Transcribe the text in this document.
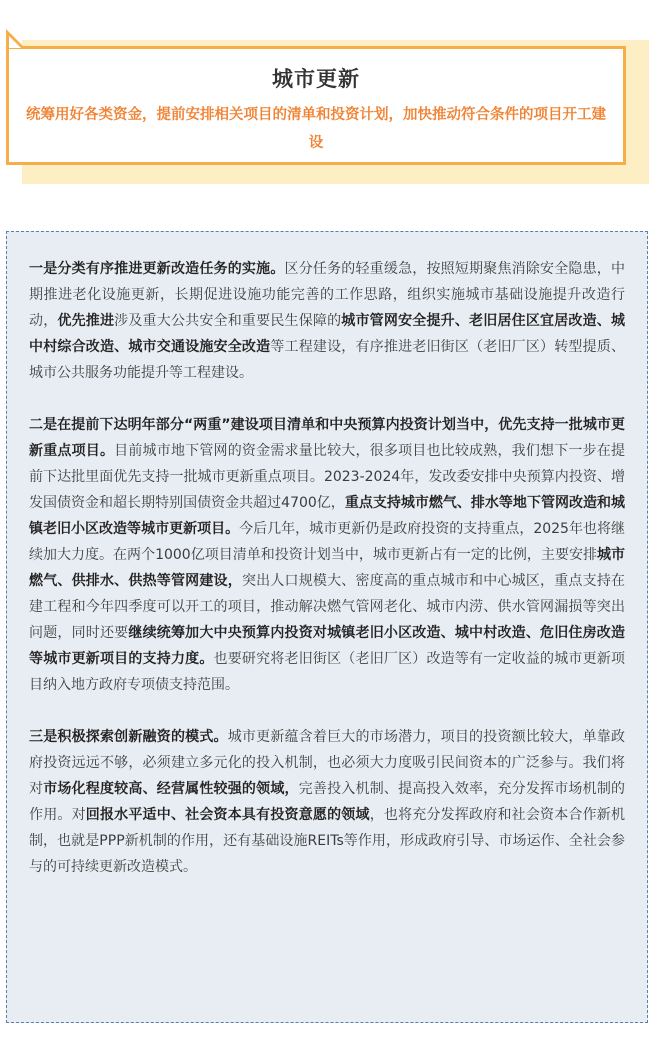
城市更新
统筹用好各类资金，提前安排相关项目的清单和投资计划，加快推动符合条件的项目开工建设

一是分类有序推进更新改造任务的实施。区分任务的轻重缓急，按照短期聚焦消除安全隐患，中期推进老化设施更新，长期促进设施功能完善的工作思路，组织实施城市基础设施提升改造行动，优先推进涉及重大公共安全和重要民生保障的城市管网安全提升、老旧居住区宜居改造、城中村综合改造、城市交通设施安全改造等工程建设，有序推进老旧街区（老旧厂区）转型提质、城市公共服务功能提升等工程建设。

二是在提前下达明年部分“两重”建设项目清单和中央预算内投资计划当中，优先支持一批城市更新重点项目。目前城市地下管网的资金需求量比较大，很多项目也比较成熟，我们想下一步在提前下达批里面优先支持一批城市更新重点项目。2023-2024年，发改委安排中央预算内投资、增发国债资金和超长期特别国债资金共超过4700亿，重点支持城市燃气、排水等地下管网改造和城镇老旧小区改造等城市更新项目。今后几年，城市更新仍是政府投资的支持重点，2025年也将继续加大力度。在两个1000亿项目清单和投资计划当中，城市更新占有一定的比例，主要安排城市燃气、供排水、供热等管网建设，突出人口规模大、密度高的重点城市和中心城区，重点支持在建工程和今年四季度可以开工的项目，推动解决燃气管网老化、城市内涝、供水管网漏损等突出问题，同时还要继续统筹加大中央预算内投资对城镇老旧小区改造、城中村改造、危旧住房改造等城市更新项目的支持力度。也要研究将老旧街区（老旧厂区）改造等有一定收益的城市更新项目纳入地方政府专项债支持范围。

三是积极探索创新融资的模式。城市更新蕴含着巨大的市场潜力，项目的投资额比较大，单靠政府投资远远不够，必须建立多元化的投入机制，也必须大力度吸引民间资本的广泛参与。我们将对市场化程度较高、经营属性较强的领域，完善投入机制、提高投入效率，充分发挥市场机制的作用。对回报水平适中、社会资本具有投资意愿的领域，也将充分发挥政府和社会资本合作新机制，也就是PPP新机制的作用，还有基础设施REITs等作用，形成政府引导、市场运作、全社会参与的可持续更新改造模式。
